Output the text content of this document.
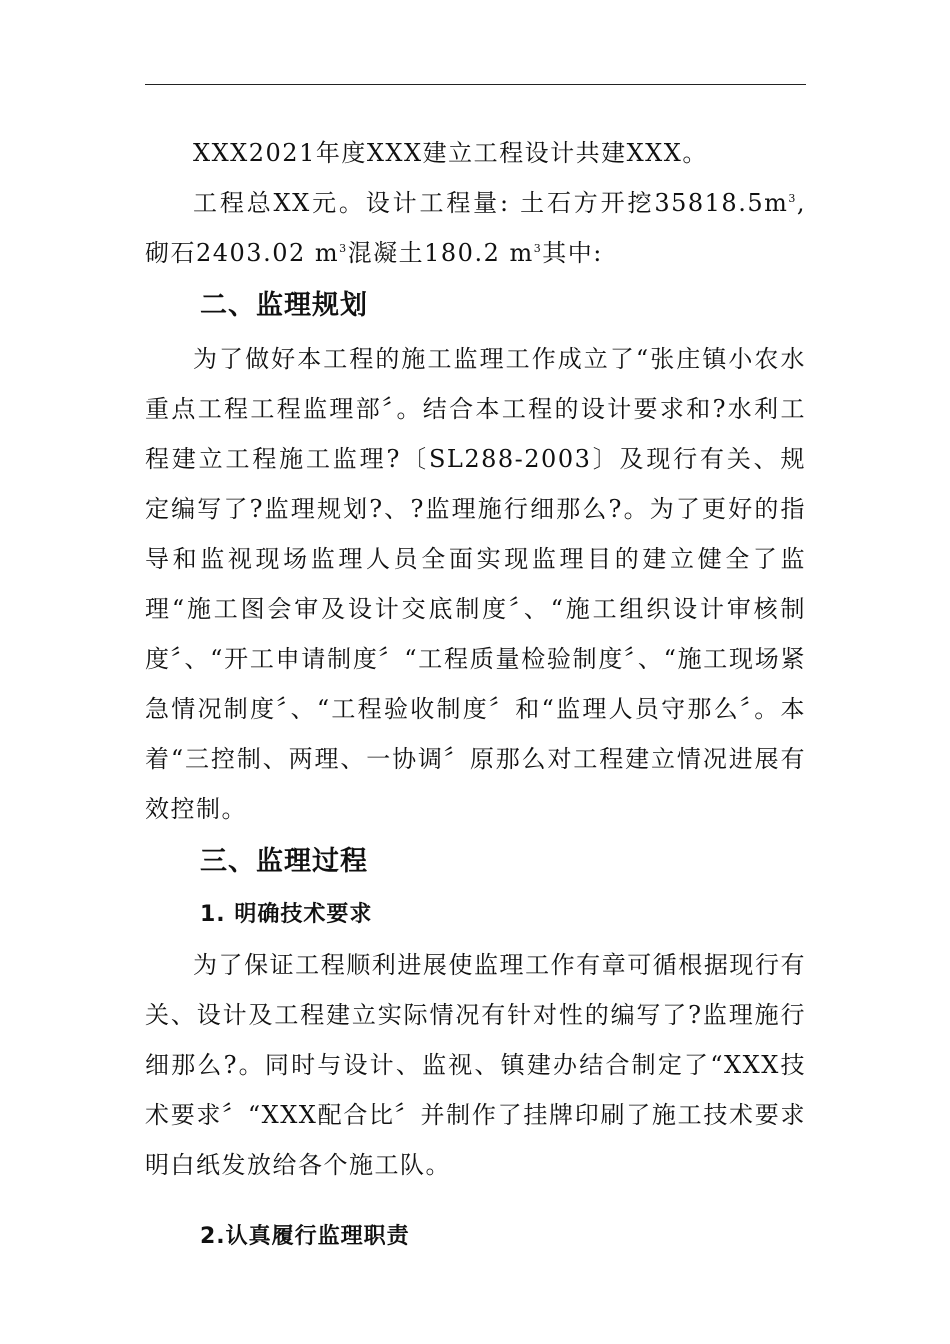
XXX2021年度XXX建立工程设计共建XXX。

工程总XX元。设计工程量: 土石方开挖$35818.5m^3$,砌石2403.02 $m^3$混凝土180.2 $m^3$其中:

二、监理规划

为了做好本工程的施工监理工作成立了“张庄镇小农水重点工程工程监理部〞。结合本工程的设计要求和?水利工程建立工程施工监理?〔SL288-2003〕及现行有关、规定编写了?监理规划?、?监理施行细那么?。为了更好的指导和监视现场监理人员全面实现监理目的建立健全了监理“施工图会审及设计交底制度〞、“施工组织设计审核制度〞、“开工申请制度〞“工程质量检验制度〞、“施工现场紧急情况制度〞、“工程验收制度〞和“监理人员守那么〞。本着“三控制、两理、一协调〞原那么对工程建立情况进展有效控制。

三、监理过程
1. 明确技术要求

为了保证工程顺利进展使监理工作有章可循根据现行有关、设计及工程建立实际情况有针对性的编写了?监理施行细那么?。同时与设计、监视、镇建办结合制定了“XXX技术要求〞“XXX配合比〞并制作了挂牌印刷了施工技术要求明白纸发放给各个施工队。

2.认真履行监理职责
